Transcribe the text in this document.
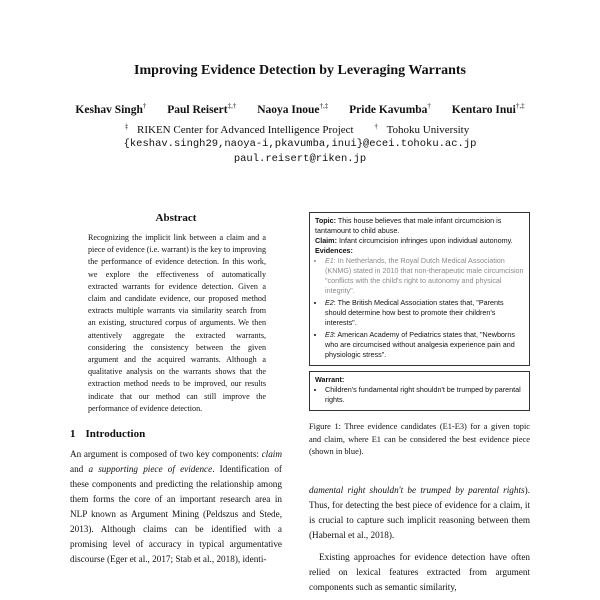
Improving Evidence Detection by Leveraging Warrants
Keshav Singh† Paul Reisert‡,† Naoya Inoue†,‡ Pride Kavumba† Kentaro Inui†,‡
‡ RIKEN Center for Advanced Intelligence Project	† Tohoku University
{keshav.singh29,naoya-i,pkavumba,inui}@ecei.tohoku.ac.jp
paul.reisert@riken.jp
Abstract

Recognizing the implicit link between a claim and a piece of evidence (i.e. warrant) is the key to improving the performance of evidence detection. In this work, we explore the effectiveness of automatically extracted warrants for evidence detection. Given a claim and candidate evidence, our proposed method extracts multiple warrants via similarity search from an existing, structured corpus of arguments. We then attentively aggregate the extracted warrants, considering the consistency between the given argument and the acquired warrants. Although a qualitative analysis on the warrants shows that the extraction method needs to be improved, our results indicate that our method can still improve the performance of evidence detection.

1 Introduction

An argument is composed of two key components: claim and a supporting piece of evidence. Identification of these components and predicting the relationship among them forms the core of an important research area in NLP known as Argument Mining (Peldszus and Stede, 2013). Although claims can be identified with a promising level of accuracy in typical argumentative discourse (Eger et al., 2017; Stab et al., 2018), identi-

Topic: This house believes that male infant circumcision is tantamount to child abuse.
Claim: Infant circumcision infringes upon individual autonomy.
Evidences:
• E1: In Netherlands, the Royal Dutch Medical Association (KNMG) stated in 2010 that non-therapeutic male circumcision "conflicts with the child's right to autonomy and physical integrity".
• E2: The British Medical Association states that, "Parents should determine how best to promote their children's interests".
• E3: American Academy of Pediatrics states that, "Newborns who are circumcised without analgesia experience pain and physiologic stress".
Warrant:
• Children's fundamental right shouldn't be trumped by parental rights.
Figure 1: Three evidence candidates (E1-E3) for a given topic and claim, where E1 can be considered the best evidence piece (shown in blue).

damental right shouldn't be trumped by parental rights). Thus, for detecting the best piece of evidence for a claim, it is crucial to capture such implicit reasoning between them (Habernal et al., 2018).

Existing approaches for evidence detection have often relied on lexical features extracted from argument components such as semantic similarity,
